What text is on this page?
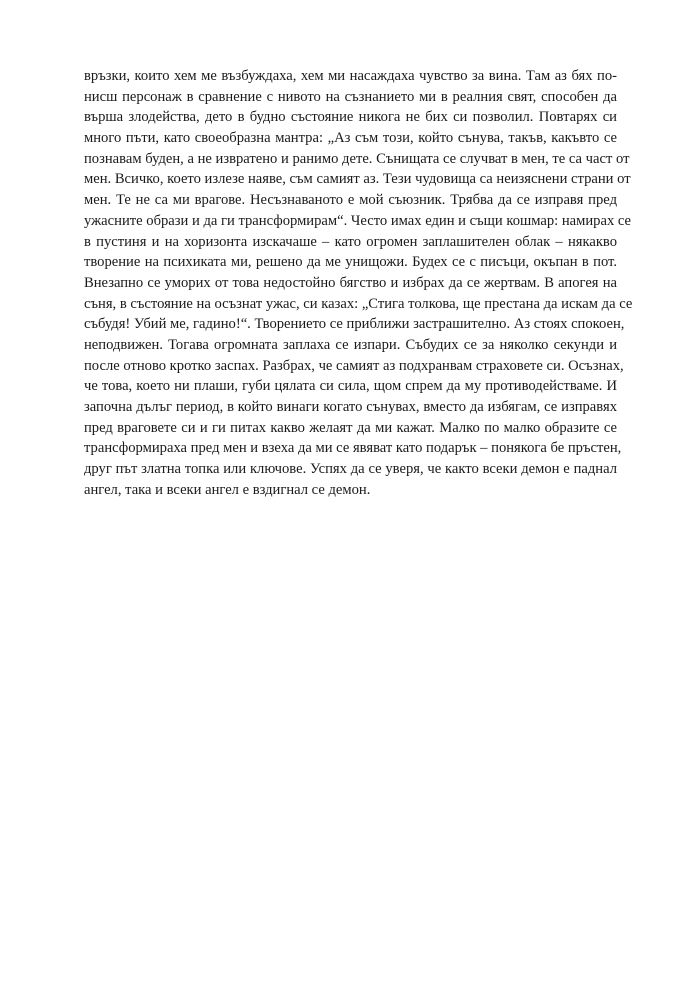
връзки, които хем ме възбуждаха, хем ми насаждаха чувство за вина. Там аз бях по-
нисш персонаж в сравнение с нивото на съзнанието ми в реалния свят, способен да
върша злодейства, дето в будно състояние никога не бих си позволил. Повтарях си
много пъти, като своеобразна мантра: „Аз съм този, който сънува, такъв, какъвто се
познавам буден, а не извратено и ранимо дете. Сънищата се случват в мен, те са част от
мен. Всичко, което излезе наяве, съм самият аз. Тези чудовища са неизяснени страни от
мен. Те не са ми врагове. Несъзнаваното е мой съюзник. Трябва да се изправя пред
ужасните образи и да ги трансформирам“. Често имах един и същи кошмар: намирах се
в пустиня и на хоризонта изскачаше – като огромен заплашителен облак – някакво
творение на психиката ми, решено да ме унищожи. Будех се с писъци, окъпан в пот.
Внезапно се уморих от това недостойно бягство и избрах да се жертвам. В апогея на
съня, в състояние на осъзнат ужас, си казах: „Стига толкова, ще престана да искам да се
събудя! Убий ме, гадино!“. Творението се приближи застрашително. Аз стоях спокоен,
неподвижен. Тогава огромната заплаха се изпари. Събудих се за няколко секунди и
после отново кротко заспах. Разбрах, че самият аз подхранвам страховете си. Осъзнах,
че това, което ни плаши, губи цялата си сила, щом спрем да му противодействаме. И
започна дълъг период, в който винаги когато сънувах, вместо да избягам, се изправях
пред враговете си и ги питах какво желаят да ми кажат. Малко по малко образите се
трансформираха пред мен и взеха да ми се явяват като подарък – понякога бе пръстен,
друг път златна топка или ключове. Успях да се уверя, че както всеки демон е паднал
ангел, така и всеки ангел е вздигнал се демон.
